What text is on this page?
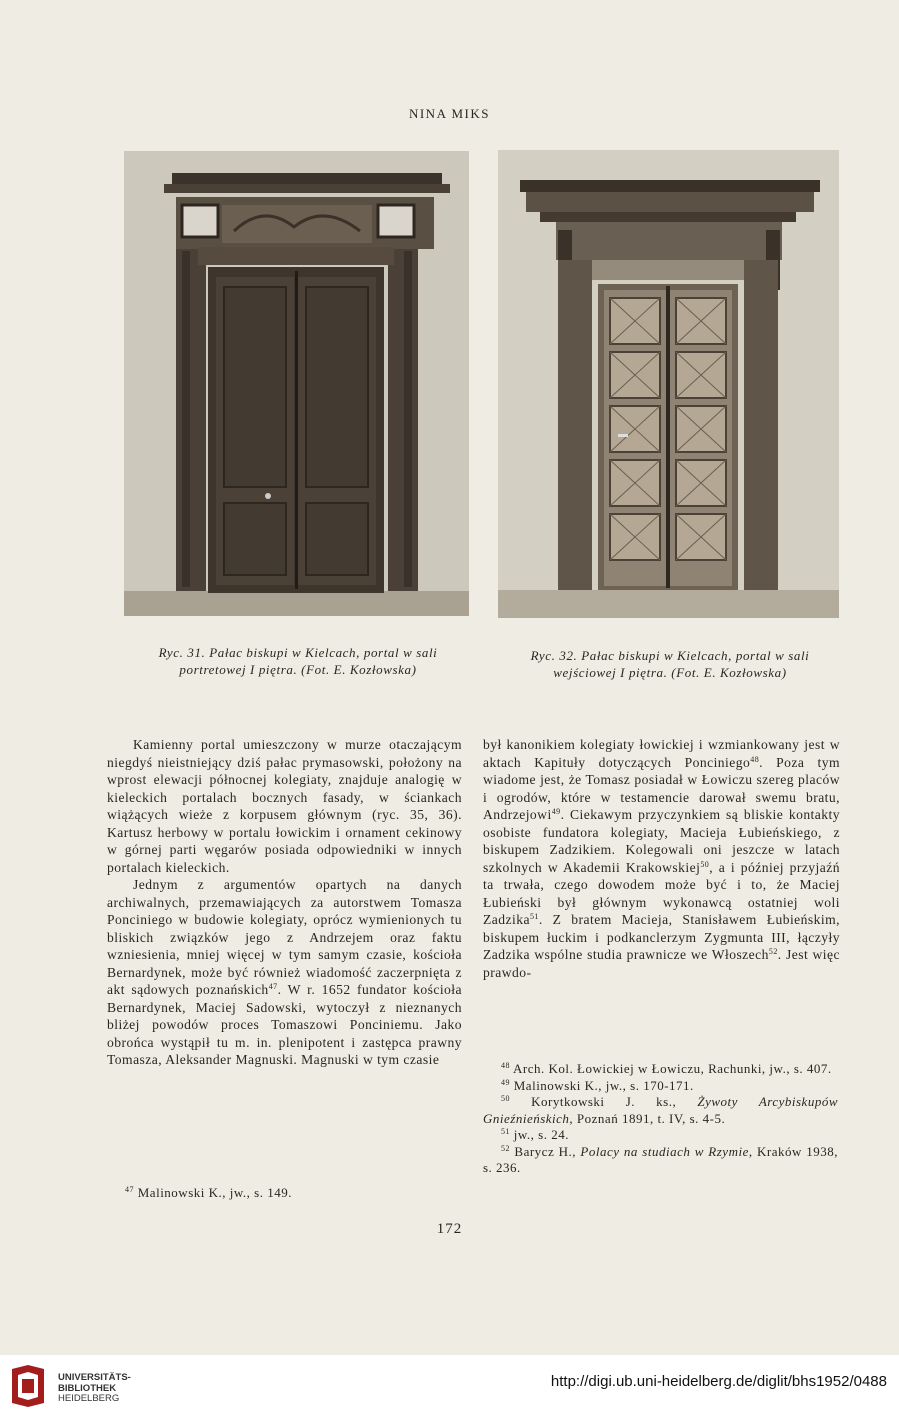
NINA MIKS
Ryc. 31. Pałac biskupi w Kielcach, portal w sali
portretowej I piętra. (Fot. E. Kozłowska)
Ryc. 32. Pałac biskupi w Kielcach, portal w sali
wejściowej I piętra. (Fot. E. Kozłowska)

Kamienny portal umieszczony w murze otaczającym niegdyś nieistniejący dziś pałac prymasowski, położony na wprost elewacji północnej kolegiaty, znajduje analogię w kieleckich portalach bocznych fasady, w ściankach wiążących wieże z korpusem głównym (ryc. 35, 36). Kartusz herbowy w portalu łowickim i ornament cekinowy w górnej parti węgarów posiada odpowiedniki w innych portalach kieleckich.

Jednym z argumentów opartych na danych archiwalnych, przemawiających za autorstwem Tomasza Ponciniego w budowie kolegiaty, oprócz wymienionych tu bliskich związków jego z Andrzejem oraz faktu wzniesienia, mniej więcej w tym samym czasie, kościoła Bernardynek, może być również wiadomość zaczerpnięta z akt sądowych poznańskich$^{47}$. W r. 1652 fundator kościoła Bernardynek, Maciej Sadowski, wytoczył z nieznanych bliżej powodów proces Tomaszowi Ponciniemu. Jako obrońca wystąpił tu m. in. plenipotent i zastępca prawny Tomasza, Aleksander Magnuski. Magnuski w tym czasie

$^{47}$ Malinowski K., jw., s. 149.

był kanonikiem kolegiaty łowickiej i wzmiankowany jest w aktach Kapituły dotyczących Ponciniego$^{48}$. Poza tym wiadome jest, że Tomasz posiadał w Łowiczu szereg placów i ogrodów, które w testamencie darował swemu bratu, Andrzejowi$^{49}$. Ciekawym przyczynkiem są bliskie kontakty osobiste fundatora kolegiaty, Macieja Łubieńskiego, z biskupem Zadzikiem. Kolegowali oni jeszcze w latach szkolnych w Akademii Krakowskiej$^{50}$, a i później przyjaźń ta trwała, czego dowodem może być i to, że Maciej Łubieński był głównym wykonawcą ostatniej woli Zadzika$^{51}$. Z bratem Macieja, Stanisławem Łubieńskim, biskupem łuckim i podkanclerzym Zygmunta III, łączyły Zadzika wspólne studia prawnicze we Włoszech$^{52}$. Jest więc prawdo-

$^{48}$ Arch. Kol. Łowickiej w Łowiczu, Rachunki, jw., s. 407.
$^{49}$ Malinowski K., jw., s. 170-171.
$^{50}$ Korytkowski J. ks., Żywoty Arcybiskupów Gnieźnieńskich, Poznań 1891, t. IV, s. 4-5.
$^{51}$ jw., s. 24.
$^{52}$ Barycz H., Polacy na studiach w Rzymie, Kraków 1938, s. 236.
172
UNIVERSITÄTS-
BIBLIOTHEK
HEIDELBERG
http://digi.ub.uni-heidelberg.de/diglit/bhs1952/0488
